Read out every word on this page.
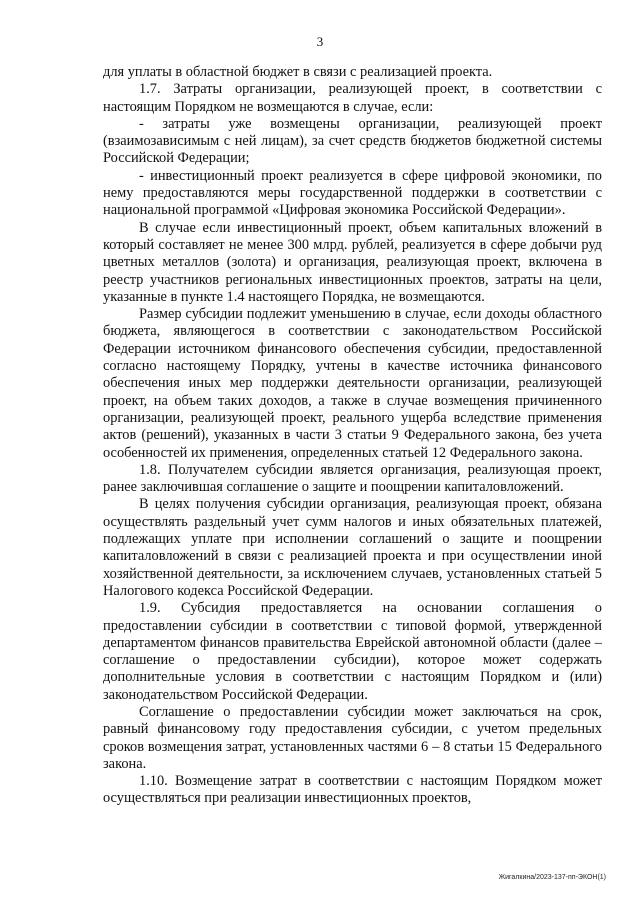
3

для уплаты в областной бюджет в связи с реализацией проекта.

1.7. Затраты организации, реализующей проект, в соответствии с настоящим Порядком не возмещаются в случае, если:

- затраты уже возмещены организации, реализующей проект (взаимозависимым с ней лицам), за счет средств бюджетов бюджетной системы Российской Федерации;

- инвестиционный проект реализуется в сфере цифровой экономики, по нему предоставляются меры государственной поддержки в соответствии с национальной программой «Цифровая экономика Российской Федерации».

В случае если инвестиционный проект, объем капитальных вложений в который составляет не менее 300 млрд. рублей, реализуется в сфере добычи руд цветных металлов (золота) и организация, реализующая проект, включена в реестр участников региональных инвестиционных проектов, затраты на цели, указанные в пункте 1.4 настоящего Порядка, не возмещаются.

Размер субсидии подлежит уменьшению в случае, если доходы областного бюджета, являющегося в соответствии с законодательством Российской Федерации источником финансового обеспечения субсидии, предоставленной согласно настоящему Порядку, учтены в качестве источника финансового обеспечения иных мер поддержки деятельности организации, реализующей проект, на объем таких доходов, а также в случае возмещения причиненного организации, реализующей проект, реального ущерба вследствие применения актов (решений), указанных в части 3 статьи 9 Федерального закона, без учета особенностей их применения, определенных статьей 12 Федерального закона.

1.8. Получателем субсидии является организация, реализующая проект, ранее заключившая соглашение о защите и поощрении капиталовложений.

В целях получения субсидии организация, реализующая проект, обязана осуществлять раздельный учет сумм налогов и иных обязательных платежей, подлежащих уплате при исполнении соглашений о защите и поощрении капиталовложений в связи с реализацией проекта и при осуществлении иной хозяйственной деятельности, за исключением случаев, установленных статьей 5 Налогового кодекса Российской Федерации.

1.9. Субсидия предоставляется на основании соглашения о предоставлении субсидии в соответствии с типовой формой, утвержденной департаментом финансов правительства Еврейской автономной области (далее – соглашение о предоставлении субсидии), которое может содержать дополнительные условия в соответствии с настоящим Порядком и (или) законодательством Российской Федерации.

Соглашение о предоставлении субсидии может заключаться на срок, равный финансовому году предоставления субсидии, с учетом предельных сроков возмещения затрат, установленных частями 6 – 8 статьи 15 Федерального закона.

1.10. Возмещение затрат в соответствии с настоящим Порядком может осуществляться при реализации инвестиционных проектов,

Жигалкина/2023-137-пп-ЭКОН(1)
